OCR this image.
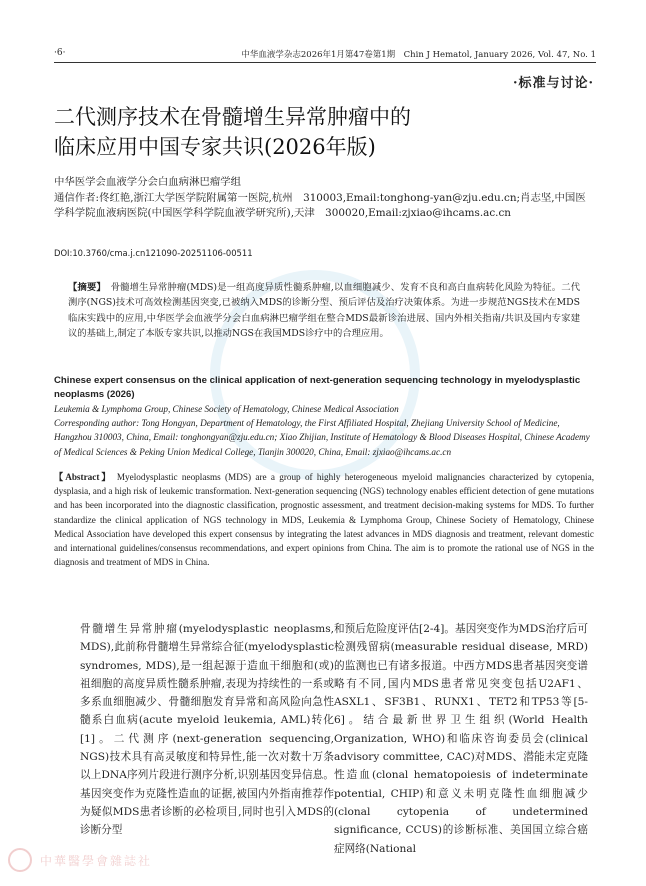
·6·	中华血液学杂志2026年1月第47卷第1期　Chin J Hematol, January 2026, Vol. 47, No. 1
·标准与讨论·
二代测序技术在骨髓增生异常肿瘤中的
临床应用中国专家共识(2026年版)
中华医学会血液学分会白血病淋巴瘤学组
通信作者:佟红艳,浙江大学医学院附属第一医院,杭州　310003,Email:tonghong-yan@zju.edu.cn;肖志坚,中国医学科学院血液病医院(中国医学科学院血液学研究所),天津　300020,Email:zjxiao@ihcams.ac.cn
DOI:10.3760/cma.j.cn121090-20251106-00511
【摘要】　骨髓增生异常肿瘤(MDS)是一组高度异质性髓系肿瘤,以血细胞减少、发育不良和高白血病转化风险为特征。二代测序(NGS)技术可高效检测基因突变,已被纳入MDS的诊断分型、预后评估及治疗决策体系。为进一步规范NGS技术在MDS临床实践中的应用,中华医学会血液学分会白血病淋巴瘤学组在整合MDS最新诊治进展、国内外相关指南/共识及国内专家建议的基础上,制定了本版专家共识,以推动NGS在我国MDS诊疗中的合理应用。
Chinese expert consensus on the clinical application of next-generation sequencing technology in myelodysplastic neoplasms (2026)
Leukemia & Lymphoma Group, Chinese Society of Hematology, Chinese Medical Association
Corresponding author: Tong Hongyan, Department of Hematology, the First Affiliated Hospital, Zhejiang University School of Medicine, Hangzhou 310003, China, Email: tonghongyan@zju.edu.cn; Xiao Zhijian, Institute of Hematology & Blood Diseases Hospital, Chinese Academy of Medical Sciences & Peking Union Medical College, Tianjin 300020, China, Email: zjxiao@ihcams.ac.cn
【Abstract】 Myelodysplastic neoplasms (MDS) are a group of highly heterogeneous myeloid malignancies characterized by cytopenia, dysplasia, and a high risk of leukemic transformation. Next-generation sequencing (NGS) technology enables efficient detection of gene mutations and has been incorporated into the diagnostic classification, prognostic assessment, and treatment decision-making systems for MDS. To further standardize the clinical application of NGS technology in MDS, Leukemia & Lymphoma Group, Chinese Society of Hematology, Chinese Medical Association have developed this expert consensus by integrating the latest advances in MDS diagnosis and treatment, relevant domestic and international guidelines/consensus recommendations, and expert opinions from China. The aim is to promote the rational use of NGS in the diagnosis and treatment of MDS in China.
骨髓增生异常肿瘤(myelodysplastic neoplasms, MDS),此前称骨髓增生异常综合征(myelodysplastic syndromes, MDS),是一组起源于造血干细胞和(或)祖细胞的高度异质性髓系肿瘤,表现为持续性的一系或多系血细胞减少、骨髓细胞发育异常和高风险向急性髓系白血病(acute myeloid leukemia, AML)转化[1]。二代测序(next-generation sequencing, NGS)技术具有高灵敏度和特异性,能一次对数十万条以上DNA序列片段进行测序分析,识别基因变异信息。基因突变作为克隆性造血的证据,被国内外指南推荐作为疑似MDS患者诊断的必检项目,同时也引入MDS的诊断分型
和预后危险度评估[2-4]。基因突变作为MDS治疗后可检测残留病(measurable residual disease, MRD)的监测也已有诸多报道。中西方MDS患者基因突变谱略有不同,国内MDS患者常见突变包括U2AF1、ASXL1、SF3B1、RUNX1、TET2和TP53等[5-6]。结合最新世界卫生组织(World Health Organization, WHO)和临床咨询委员会(clinical advisory committee, CAC)对MDS、潜能未定克隆性造血(clonal hematopoiesis of indeterminate potential, CHIP)和意义未明克隆性血细胞减少(clonal cytopenia of undetermined significance, CCUS)的诊断标准、美国国立综合癌症网络(National
中華醫學會雜誌社
